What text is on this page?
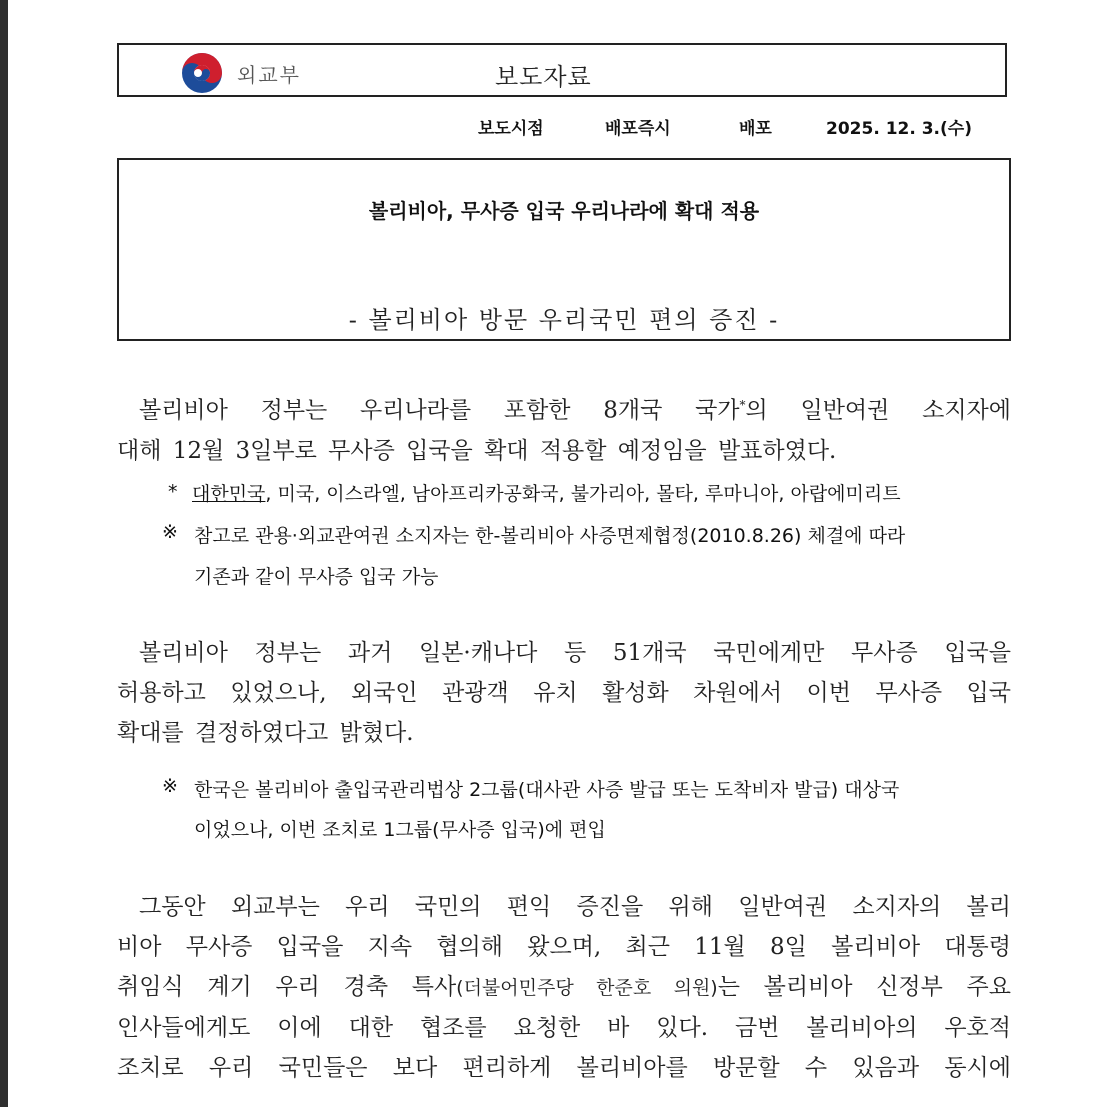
외교부	보도자료
보도시점	배포즉시	배포	2025. 12. 3.(수)
볼리비아, 무사증 입국 우리나라에 확대 적용
- 볼리비아 방문 우리국민 편의 증진 -
볼리비아 정부는 우리나라를 포함한 8개국 국가*의 일반여권 소지자에
대해 12월 3일부로 무사증 입국을 확대 적용할 예정임을 발표하였다.
* 대한민국, 미국, 이스라엘, 남아프리카공화국, 불가리아, 몰타, 루마니아, 아랍에미리트
※ 참고로 관용·외교관여권 소지자는 한-볼리비아 사증면제협정(2010.8.26) 체결에 따라
기존과 같이 무사증 입국 가능
볼리비아 정부는 과거 일본·캐나다 등 51개국 국민에게만 무사증 입국을
허용하고 있었으나, 외국인 관광객 유치 활성화 차원에서 이번 무사증 입국
확대를 결정하였다고 밝혔다.
※ 한국은 볼리비아 출입국관리법상 2그룹(대사관 사증 발급 또는 도착비자 발급) 대상국
이었으나, 이번 조치로 1그룹(무사증 입국)에 편입
그동안 외교부는 우리 국민의 편익 증진을 위해 일반여권 소지자의 볼리
비아 무사증 입국을 지속 협의해 왔으며, 최근 11월 8일 볼리비아 대통령
취임식 계기 우리 경축 특사(더불어민주당 한준호 의원)는 볼리비아 신정부 주요
인사들에게도 이에 대한 협조를 요청한 바 있다. 금번 볼리비아의 우호적
조치로 우리 국민들은 보다 편리하게 볼리비아를 방문할 수 있음과 동시에
